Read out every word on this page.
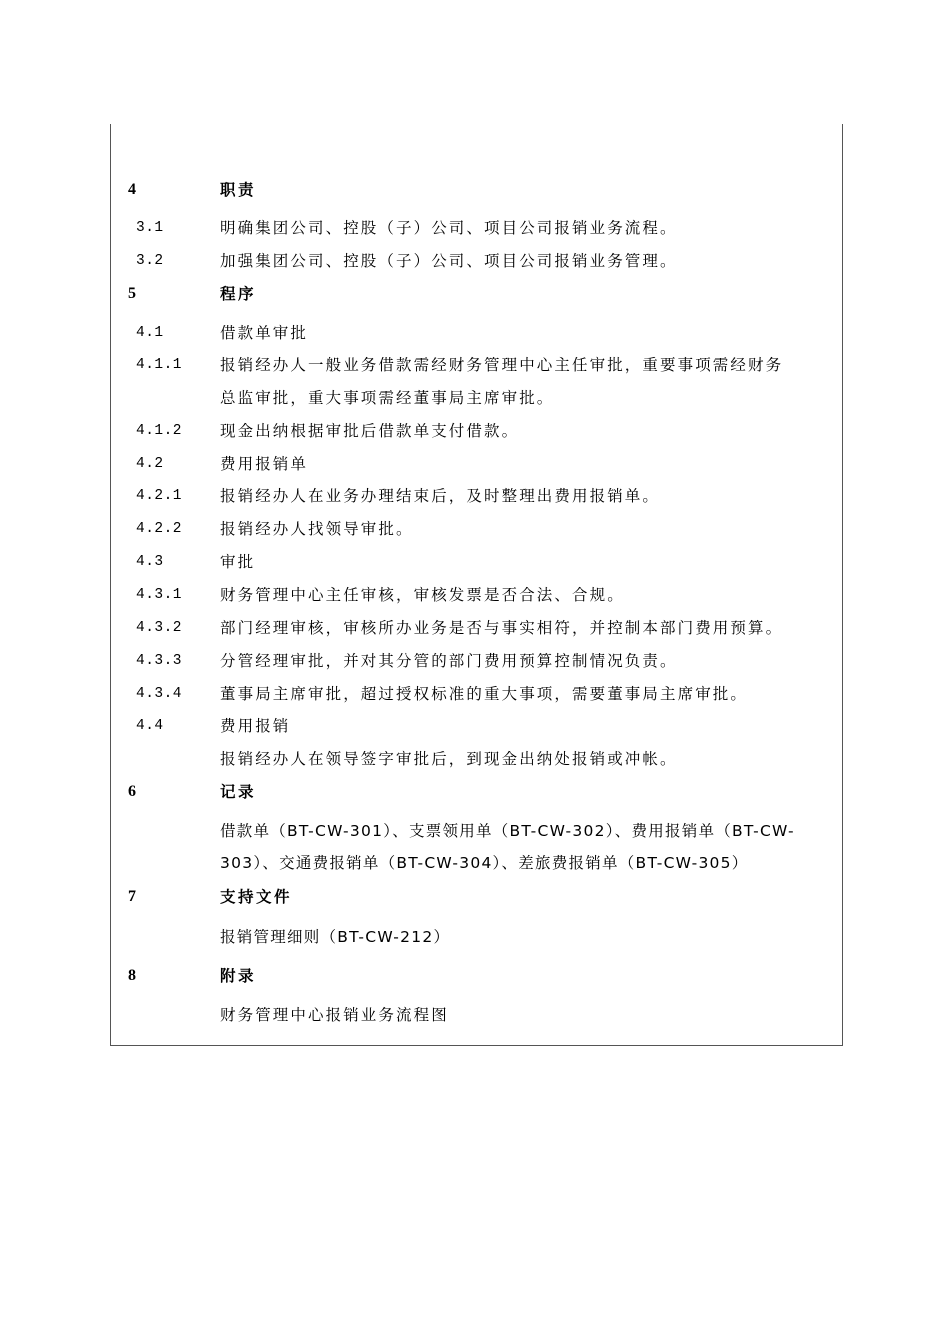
4	职责
3.1	明确集团公司、控股（子）公司、项目公司报销业务流程。
3.2	加强集团公司、控股（子）公司、项目公司报销业务管理。
5	程序
4.1	借款单审批
4.1.1 报销经办人一般业务借款需经财务管理中心主任审批，重要事项需经财务
总监审批，重大事项需经董事局主席审批。
4.1.2 现金出纳根据审批后借款单支付借款。
4.2	费用报销单
4.2.1 报销经办人在业务办理结束后，及时整理出费用报销单。
4.2.2 报销经办人找领导审批。
4.3	审批
4.3.1 财务管理中心主任审核，审核发票是否合法、合规。
4.3.2 部门经理审核，审核所办业务是否与事实相符，并控制本部门费用预算。
4.3.3 分管经理审批，并对其分管的部门费用预算控制情况负责。
4.3.4 董事局主席审批，超过授权标准的重大事项，需要董事局主席审批。
4.4	费用报销
报销经办人在领导签字审批后，到现金出纳处报销或冲帐。
6	记录
借款单（BT-CW-301）、支票领用单（BT-CW-302）、费用报销单（BT-CW-
303）、交通费报销单（BT-CW-304）、差旅费报销单（BT-CW-305）
7	支持文件
报销管理细则（BT-CW-212）
8	附录
财务管理中心报销业务流程图
